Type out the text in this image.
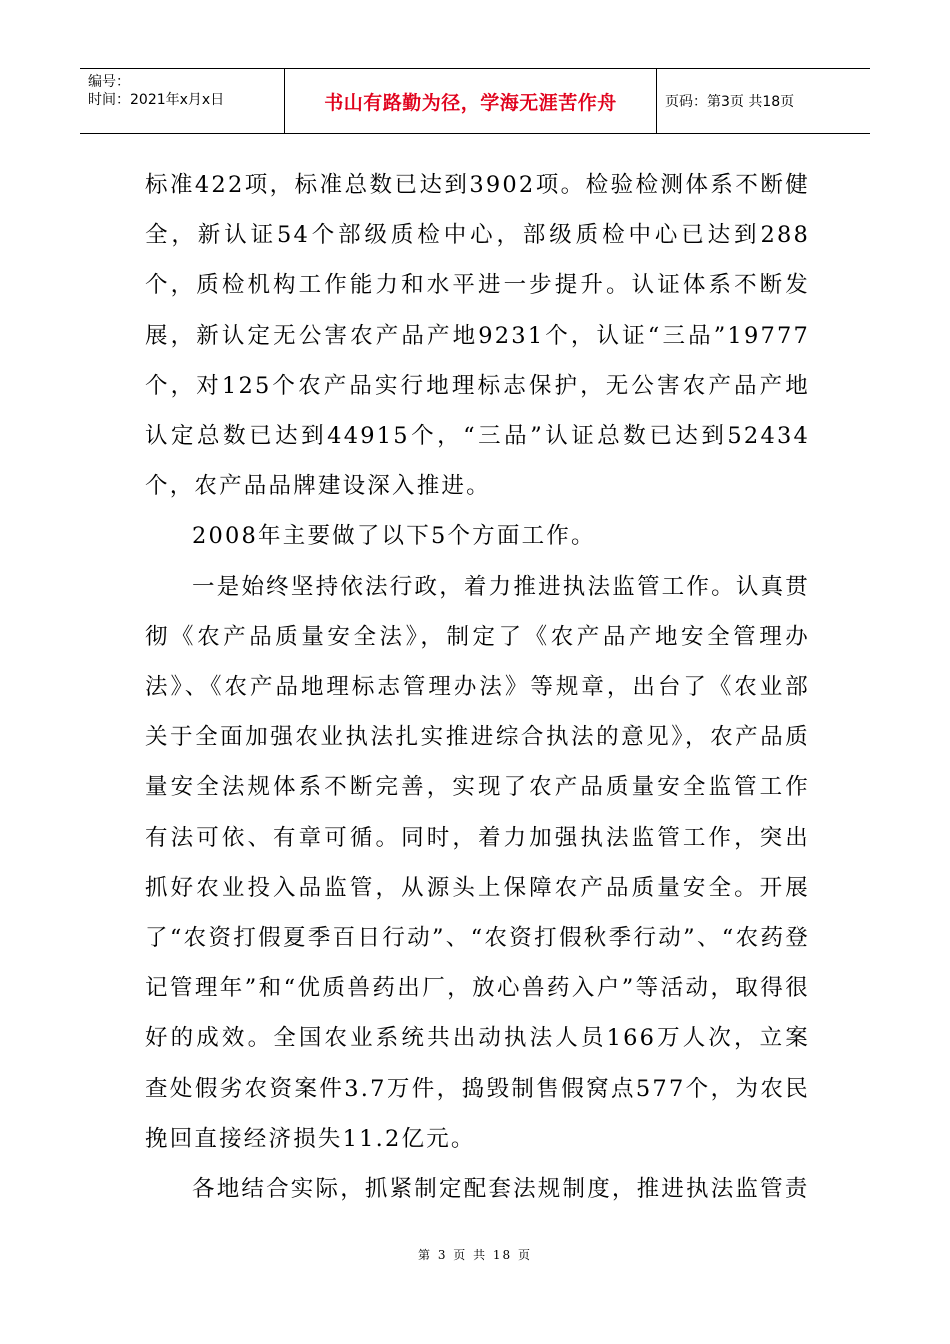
编号：
时间：2021年x月x日	书山有路勤为径，学海无涯苦作舟	页码：第3页 共18页

标准422项，标准总数已达到3902项。检验检测体系不断健全，新认证54个部级质检中心，部级质检中心已达到288个，质检机构工作能力和水平进一步提升。认证体系不断发展，新认定无公害农产品产地9231个，认证“三品”19777个，对125个农产品实行地理标志保护，无公害农产品产地认定总数已达到44915个，“三品”认证总数已达到52434个，农产品品牌建设深入推进。

2008年主要做了以下5个方面工作。

一是始终坚持依法行政，着力推进执法监管工作。认真贯彻《农产品质量安全法》，制定了《农产品产地安全管理办法》、《农产品地理标志管理办法》等规章，出台了《农业部关于全面加强农业执法扎实推进综合执法的意见》，农产品质量安全法规体系不断完善，实现了农产品质量安全监管工作有法可依、有章可循。同时，着力加强执法监管工作，突出抓好农业投入品监管，从源头上保障农产品质量安全。开展了“农资打假夏季百日行动”、“农资打假秋季行动”、“农药登记管理年”和“优质兽药出厂，放心兽药入户”等活动，取得很好的成效。全国农业系统共出动执法人员166万人次，立案查处假劣农资案件3.7万件，捣毁制售假窝点577个，为农民挽回直接经济损失11.2亿元。

各地结合实际，抓紧制定配套法规制度，推进执法监管责

第 3 页 共 18 页
